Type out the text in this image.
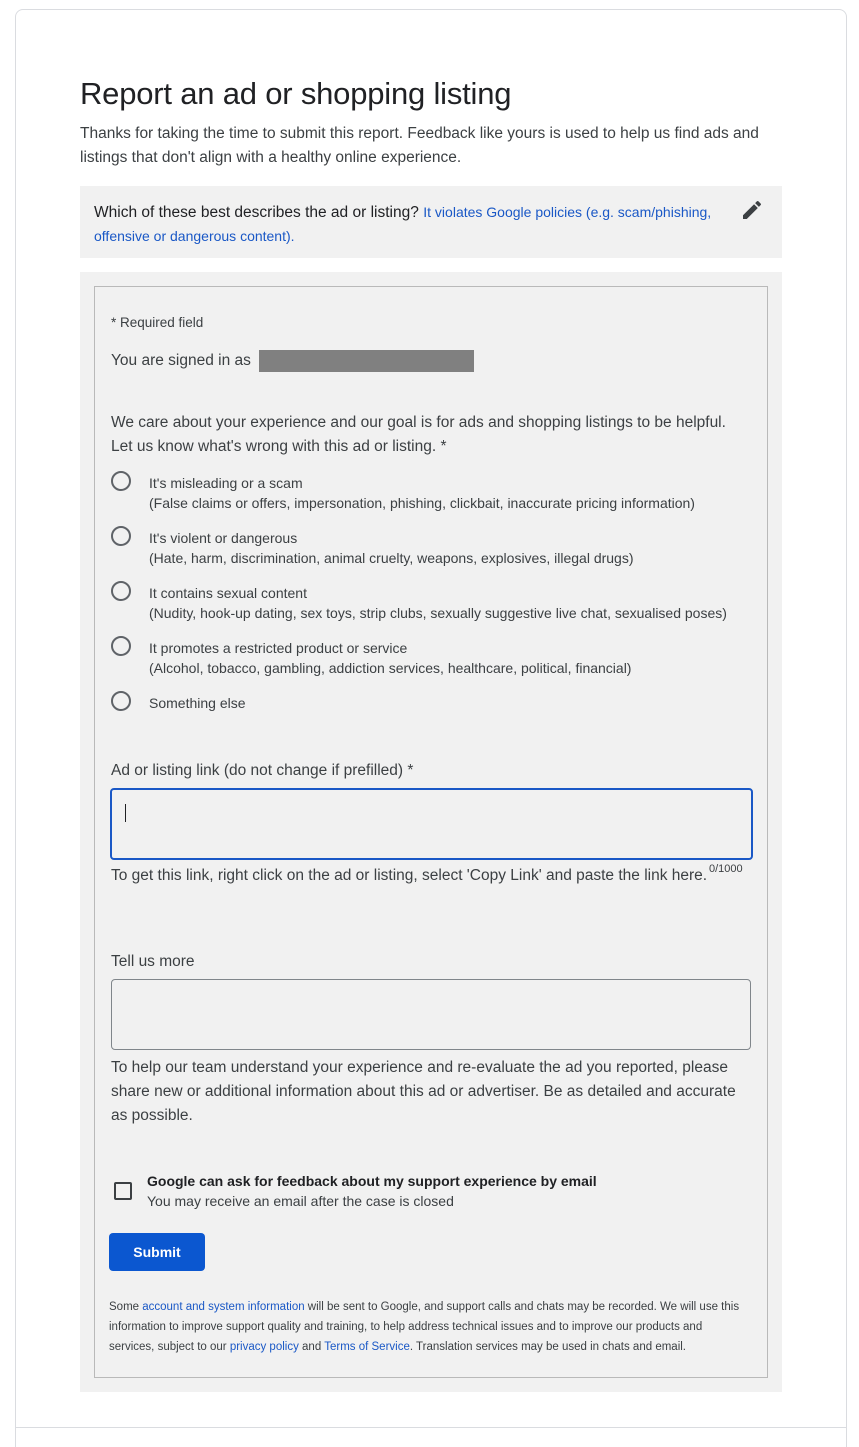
Report an ad or shopping listing

Thanks for taking the time to submit this report. Feedback like yours is used to help us find ads and listings that don't align with a healthy online experience.

Which of these best describes the ad or listing? It violates Google policies (e.g. scam/phishing, offensive or dangerous content).
* Required field
You are signed in as
We care about your experience and our goal is for ads and shopping listings to be helpful. Let us know what's wrong with this ad or listing. *
It's misleading or a scam
(False claims or offers, impersonation, phishing, clickbait, inaccurate pricing information)
It's violent or dangerous
(Hate, harm, discrimination, animal cruelty, weapons, explosives, illegal drugs)
It contains sexual content
(Nudity, hook-up dating, sex toys, strip clubs, sexually suggestive live chat, sexualised poses)
It promotes a restricted product or service
(Alcohol, tobacco, gambling, addiction services, healthcare, political, financial)
Something else
Ad or listing link (do not change if prefilled) *
To get this link, right click on the ad or listing, select 'Copy Link' and paste the link here. 0/1000
Tell us more
To help our team understand your experience and re-evaluate the ad you reported, please share new or additional information about this ad or advertiser. Be as detailed and accurate as possible.
Google can ask for feedback about my support experience by email
You may receive an email after the case is closed
Submit

Some account and system information will be sent to Google, and support calls and chats may be recorded. We will use this information to improve support quality and training, to help address technical issues and to improve our products and services, subject to our privacy policy and Terms of Service. Translation services may be used in chats and email.
